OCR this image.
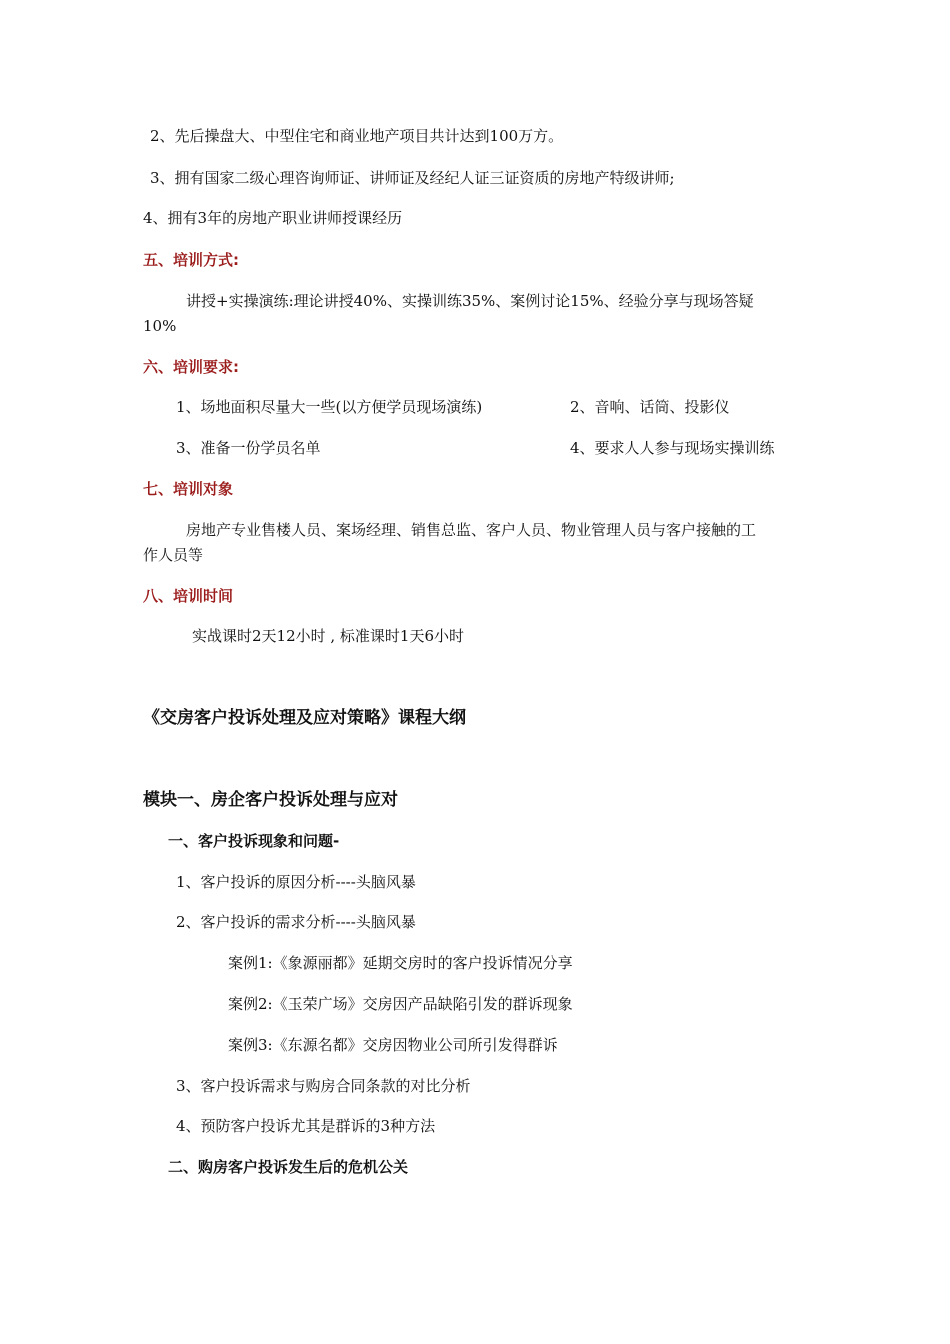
2、先后操盘大、中型住宅和商业地产项目共计达到100万方。
3、拥有国家二级心理咨询师证、讲师证及经纪人证三证资质的房地产特级讲师;
4、拥有3年的房地产职业讲师授课经历
五、培训方式:
讲授+实操演练:理论讲授40%、实操训练35%、案例讨论15%、经验分享与现场答疑
10%
六、培训要求:
1、场地面积尽量大一些(以方便学员现场演练)	2、音响、话筒、投影仪
3、准备一份学员名单	4、要求人人参与现场实操训练
七、培训对象
房地产专业售楼人员、案场经理、销售总监、客户人员、物业管理人员与客户接触的工
作人员等
八、培训时间
实战课时2天12小时 , 标准课时1天6小时
《交房客户投诉处理及应对策略》课程大纲
模块一、房企客户投诉处理与应对
一、客户投诉现象和问题-
1、客户投诉的原因分析----头脑风暴
2、客户投诉的需求分析----头脑风暴
案例1:《象源丽都》延期交房时的客户投诉情况分享
案例2:《玉荣广场》交房因产品缺陷引发的群诉现象
案例3:《东源名都》交房因物业公司所引发得群诉
3、客户投诉需求与购房合同条款的对比分析
4、预防客户投诉尤其是群诉的3种方法
二、购房客户投诉发生后的危机公关
